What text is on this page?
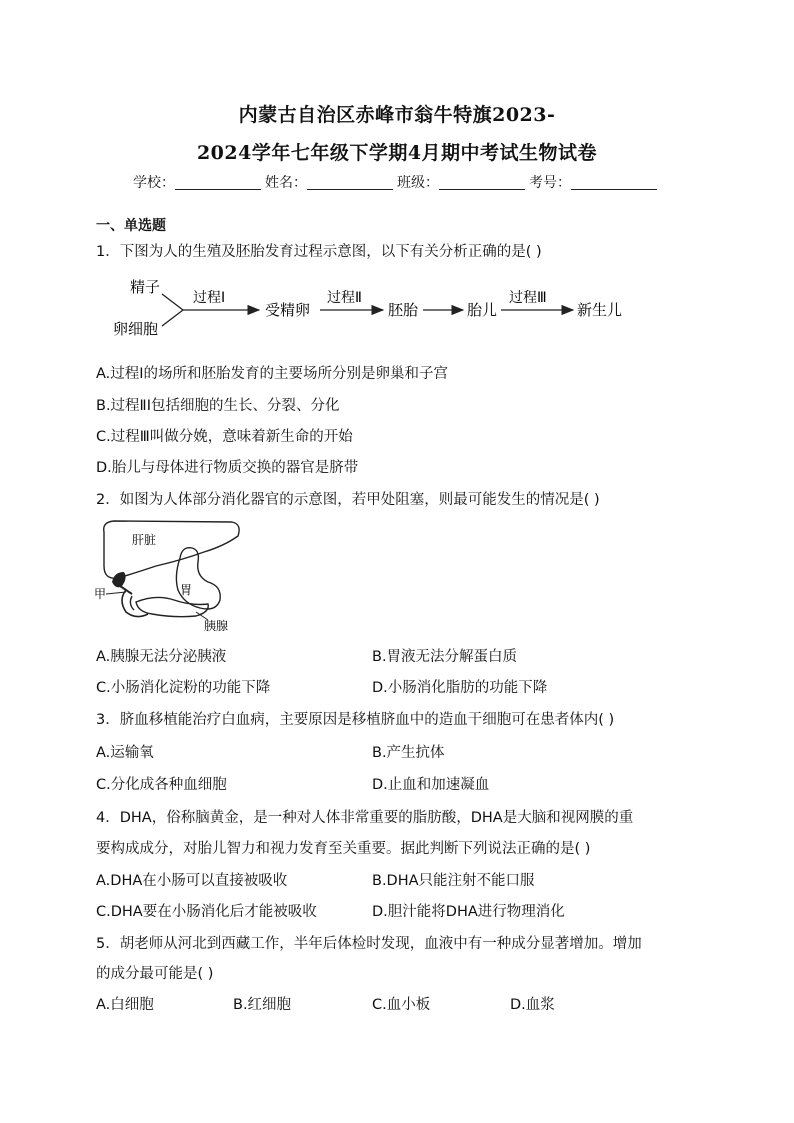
内蒙古自治区赤峰市翁牛特旗2023-
2024学年七年级下学期4月期中考试生物试卷
学校：	姓名：	班级：	考号：
一、单选题
1．下图为人的生殖及胚胎发育过程示意图，以下有关分析正确的是( )
精子
卵细胞
过程Ⅰ
受精卵
过程Ⅱ
胚胎	胎儿
过程Ⅲ
新生儿
A.过程Ⅰ的场所和胚胎发育的主要场所分别是卵巢和子宫
B.过程ⅡⅠ包括细胞的生长、分裂、分化
C.过程Ⅲ叫做分娩，意味着新生命的开始
D.胎儿与母体进行物质交换的器官是脐带
2．如图为人体部分消化器官的示意图，若甲处阻塞，则最可能发生的情况是( )
肝脏
胃
甲
胰腺
A.胰腺无法分泌胰液	B.胃液无法分解蛋白质
C.小肠消化淀粉的功能下降	D.小肠消化脂肪的功能下降
3．脐血移植能治疗白血病，主要原因是移植脐血中的造血干细胞可在患者体内( )
A.运输氧	B.产生抗体
C.分化成各种血细胞	D.止血和加速凝血
4．DHA，俗称脑黄金，是一种对人体非常重要的脂肪酸，DHA是大脑和视网膜的重
要构成成分，对胎儿智力和视力发育至关重要。据此判断下列说法正确的是( )
A.DHA在小肠可以直接被吸收	B.DHA只能注射不能口服
C.DHA要在小肠消化后才能被吸收	D.胆汁能将DHA进行物理消化
5．胡老师从河北到西藏工作，半年后体检时发现，血液中有一种成分显著增加。增加
的成分最可能是( )
A.白细胞	B.红细胞	C.血小板	D.血浆
